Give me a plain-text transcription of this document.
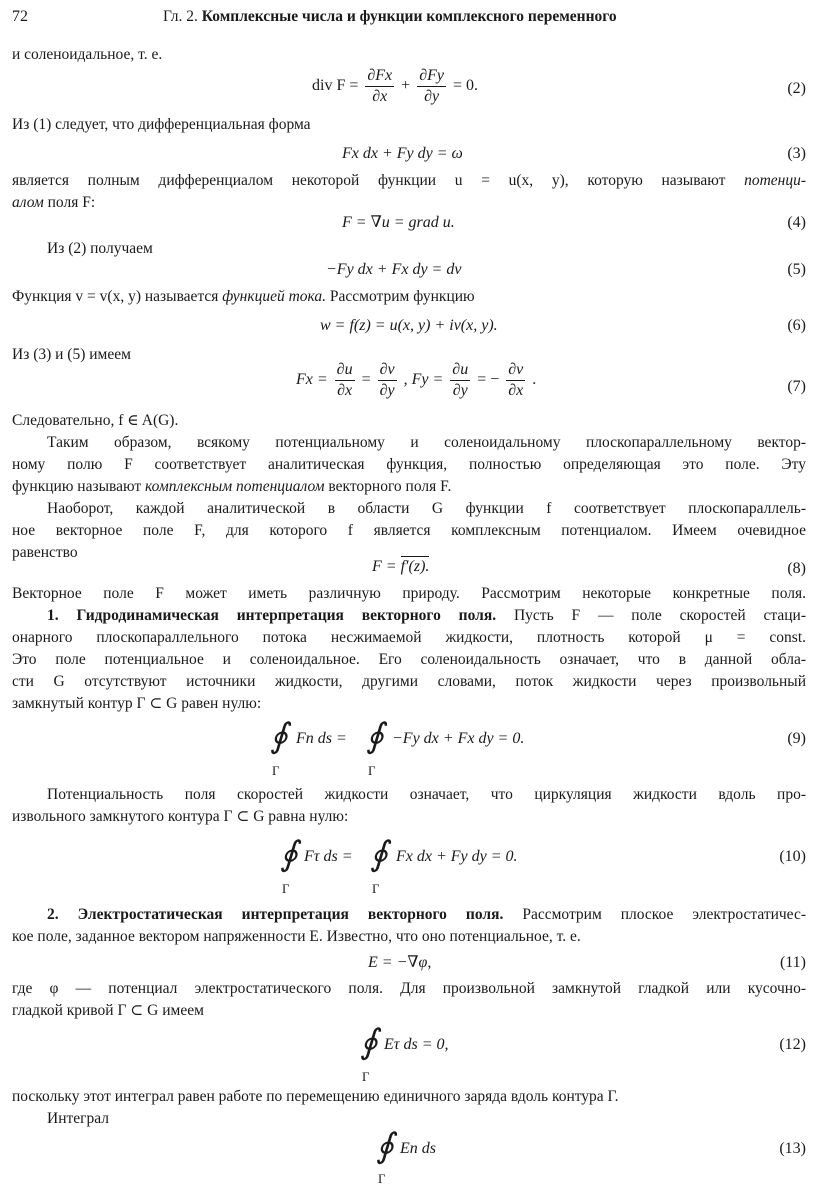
72	Гл. 2. Комплексные числа и функции комплексного переменного
и соленоидальное, т. е.
div $F = \frac{\partial Fx}{\partial x} + \frac{\partial Fy}{\partial y} = 0$.	(2)
Из (1) следует, что дифференциальная форма
Fx dx + Fy dy = ω	(3)
является полным дифференциалом некоторой функции u = u(x, y), которую называют потенци-
алом поля F:
F = ∇u = grad u.	(4)
Из (2) получаем
−Fy dx + Fx dy = dv	(5)
Функция v = v(x, y) называется функцией тока. Рассмотрим функцию
w = f(z) = u(x, y) + iv(x, y).	(6)
Из (3) и (5) имеем
$Fx = \frac{\partial u}{\partial x} = \frac{\partial v}{\partial y}$ , $Fy = \frac{\partial u}{\partial y}$ = − $\frac{\partial v}{\partial x}$ .	(7)
Следовательно, f ∈ A(G).
Таким образом, всякому потенциальному и соленоидальному плоскопараллельному вектор-
ному полю F соответствует аналитическая функция, полностью определяющая это поле. Эту
функцию называют комплексным потенциалом векторного поля F.
Наоборот, каждой аналитической в области G функции f соответствует плоскопараллель-
ное векторное поле F, для которого f является комплексным потенциалом. Имеем очевидное
равенство
F = f′(z).	(8)
Векторное поле F может иметь различную природу. Рассмотрим некоторые конкретные поля.
1. Гидродинамическая интерпретация векторного поля. Пусть F — поле скоростей стаци-
онарного плоскопараллельного потока несжимаемой жидкости, плотность которой μ = const.
Это поле потенциальное и соленоидальное. Его соленоидальность означает, что в данной обла-
сти G отсутствуют источники жидкости, другими словами, поток жидкости через произвольный
замкнутый контур Γ ⊂ G равен нулю:
∮
Γ
Fn ds = ∮
Γ
−Fy dx + Fx dy = 0.	(9)
Потенциальность поля скоростей жидкости означает, что циркуляция жидкости вдоль про-
извольного замкнутого контура Γ ⊂ G равна нулю:
∮
Γ
Fτ ds = ∮
Γ
Fx dx + Fy dy = 0.	(10)
2. Электростатическая интерпретация векторного поля. Рассмотрим плоское электростатичес-
кое поле, заданное вектором напряженности E. Известно, что оно потенциальное, т. е.
E = −∇φ,	(11)
где φ — потенциал электростатического поля. Для произвольной замкнутой гладкой или кусочно-
гладкой кривой Γ ⊂ G имеем
∮
Γ
Eτ ds = 0,	(12)
поскольку этот интеграл равен работе по перемещению единичного заряда вдоль контура Γ.
Интеграл
∮
Γ
En ds	(13)
